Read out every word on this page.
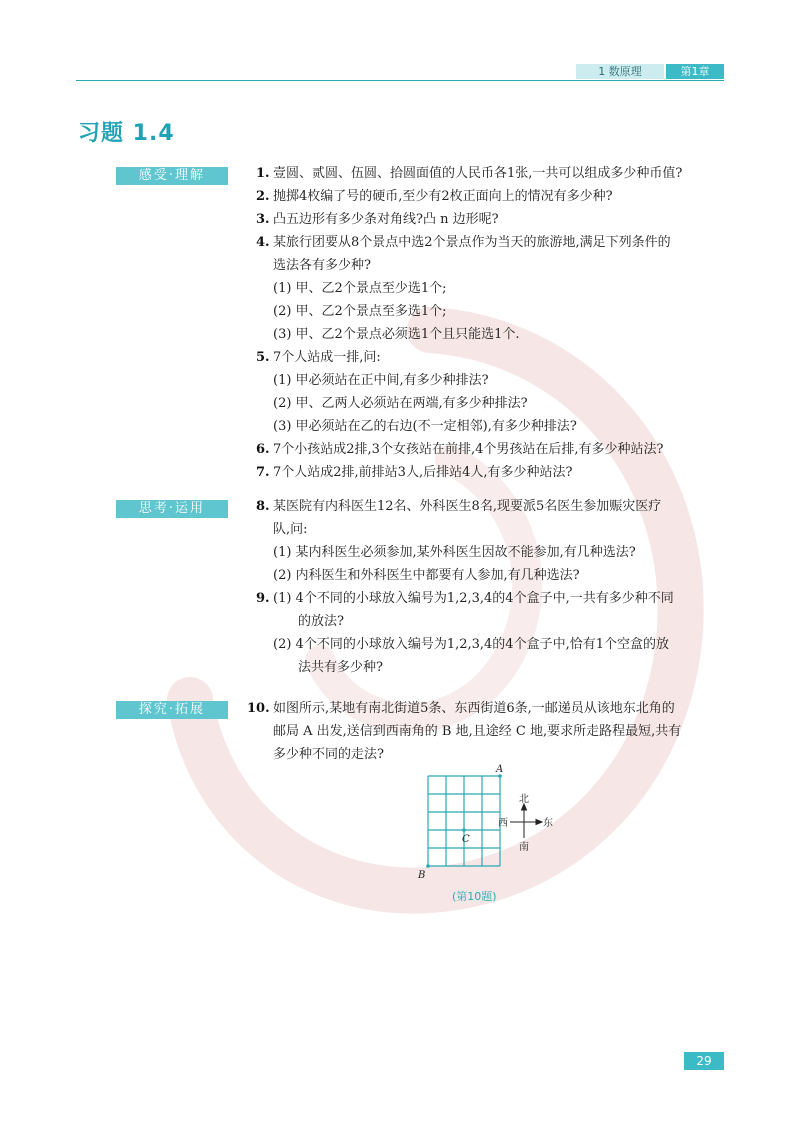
1 数原理	第1章
习题 1.4
感受·理解
思考·运用
探究·拓展
1. 壹圆、贰圆、伍圆、拾圆面值的人民币各1张,一共可以组成多少种币值?
2. 抛掷4枚编了号的硬币,至少有2枚正面向上的情况有多少种?
3. 凸五边形有多少条对角线?凸 n 边形呢?
4. 某旅行团要从8个景点中选2个景点作为当天的旅游地,满足下列条件的
选法各有多少种?
(1) 甲、乙2个景点至少选1个;
(2) 甲、乙2个景点至多选1个;
(3) 甲、乙2个景点必须选1个且只能选1个.
5. 7个人站成一排,问:
(1) 甲必须站在正中间,有多少种排法?
(2) 甲、乙两人必须站在两端,有多少种排法?
(3) 甲必须站在乙的右边(不一定相邻),有多少种排法?
6. 7个小孩站成2排,3个女孩站在前排,4个男孩站在后排,有多少种站法?
7. 7个人站成2排,前排站3人,后排站4人,有多少种站法?
8. 某医院有内科医生12名、外科医生8名,现要派5名医生参加赈灾医疗
队,问:
(1) 某内科医生必须参加,某外科医生因故不能参加,有几种选法?
(2) 内科医生和外科医生中都要有人参加,有几种选法?
9. (1) 4个不同的小球放入编号为1,2,3,4的4个盒子中,一共有多少种不同
的放法?
(2) 4个不同的小球放入编号为1,2,3,4的4个盒子中,恰有1个空盒的放
法共有多少种?
10. 如图所示,某地有南北街道5条、东西街道6条,一邮递员从该地东北角的
邮局 A 出发,送信到西南角的 B 地,且途经 C 地,要求所走路程最短,共有
多少种不同的走法?
A
B
C
北
南
西	东
(第10题)
29
